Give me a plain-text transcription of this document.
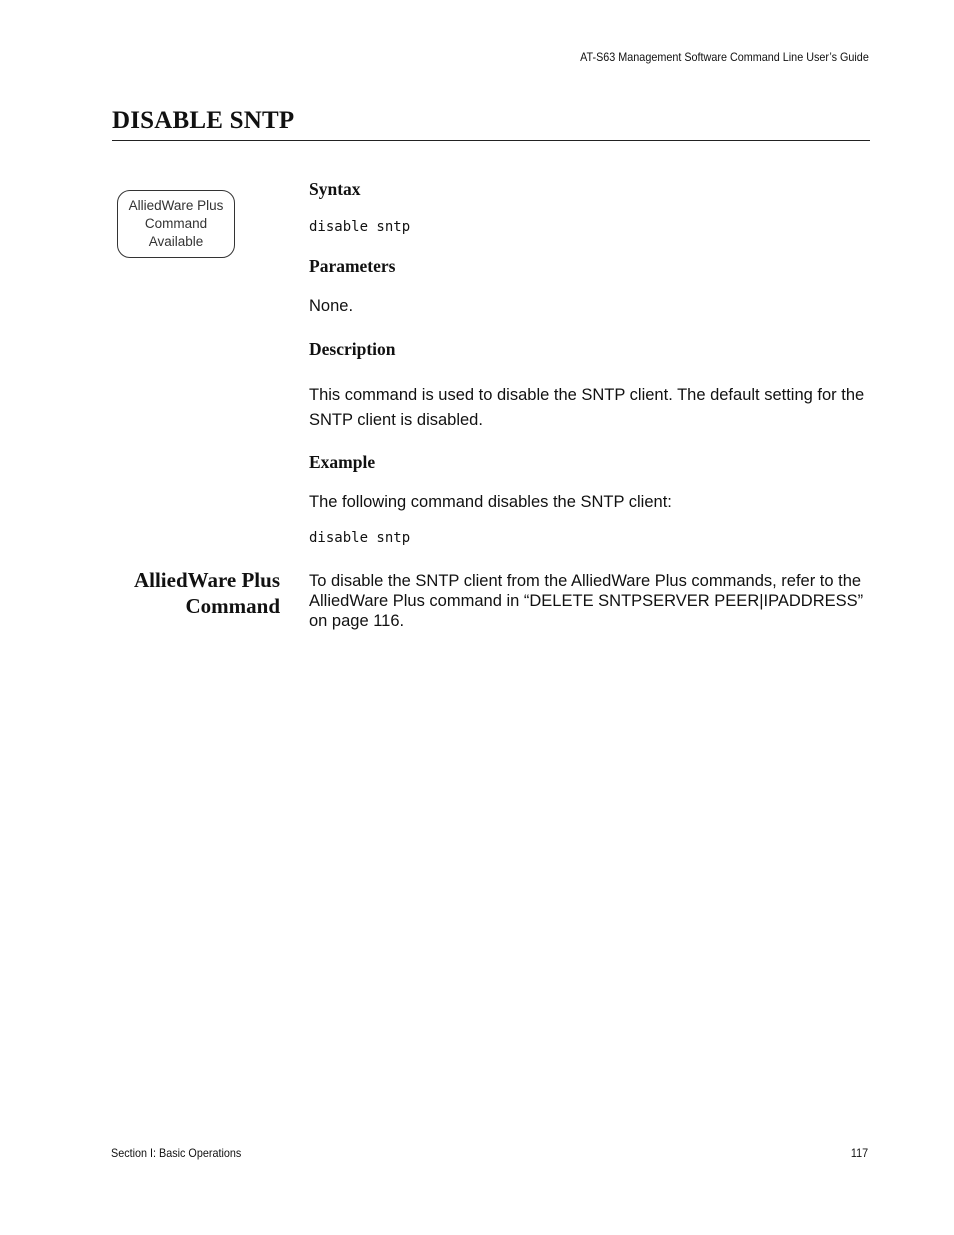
AT-S63 Management Software Command Line User’s Guide
DISABLE SNTP
AlliedWare Plus
Command
Available
Syntax
disable sntp
Parameters

None.

Description

This command is used to disable the SNTP client. The default setting for the SNTP client is disabled.

Example

The following command disables the SNTP client:

disable sntp
AlliedWare Plus
Command

To disable the SNTP client from the AlliedWare Plus commands, refer to the AlliedWare Plus command in “DELETE SNTPSERVER PEER|IPADDRESS” on page 116.

Section I: Basic Operations	117
